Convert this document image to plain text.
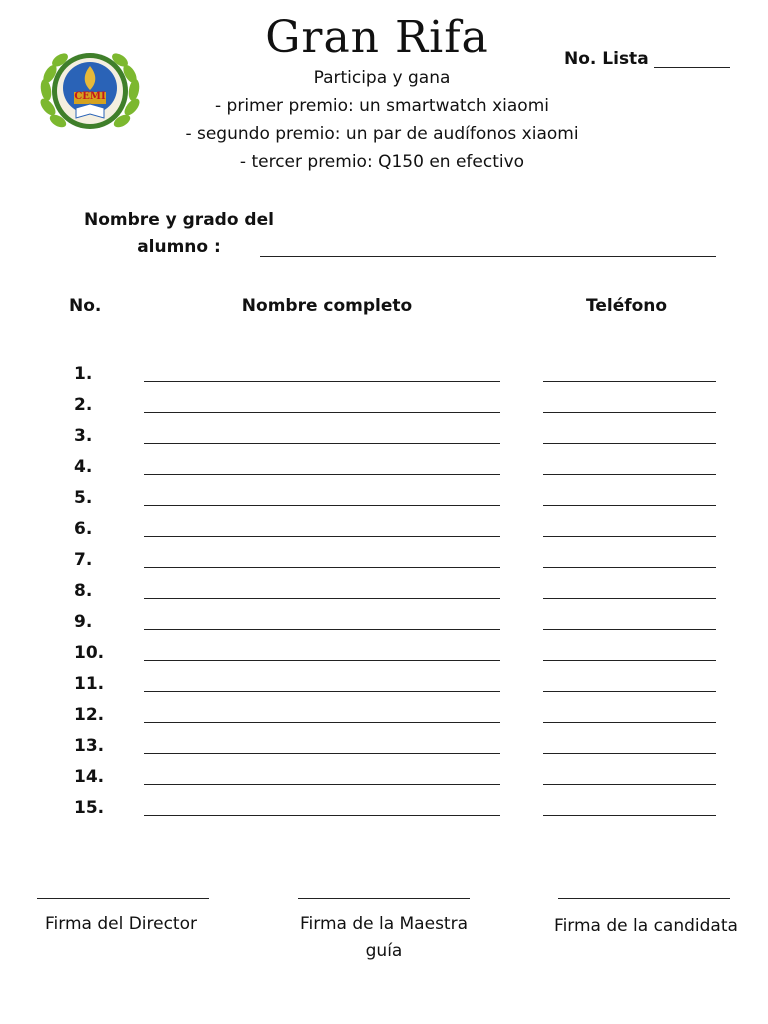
CEMI
Gran Rifa
Participa y gana
- primer premio: un smartwatch xiaomi
- segundo premio: un par de audífonos xiaomi
- tercer premio: Q150 en efectivo
No. Lista
Nombre y grado del
alumno :
No.	Nombre completo	Teléfono
1.
2.
3.
4.
5.
6.
7.
8.
9.
10.
11.
12.
13.
14.
15.
Firma del Director	Firma de la Maestra guía
Firma de la candidata
